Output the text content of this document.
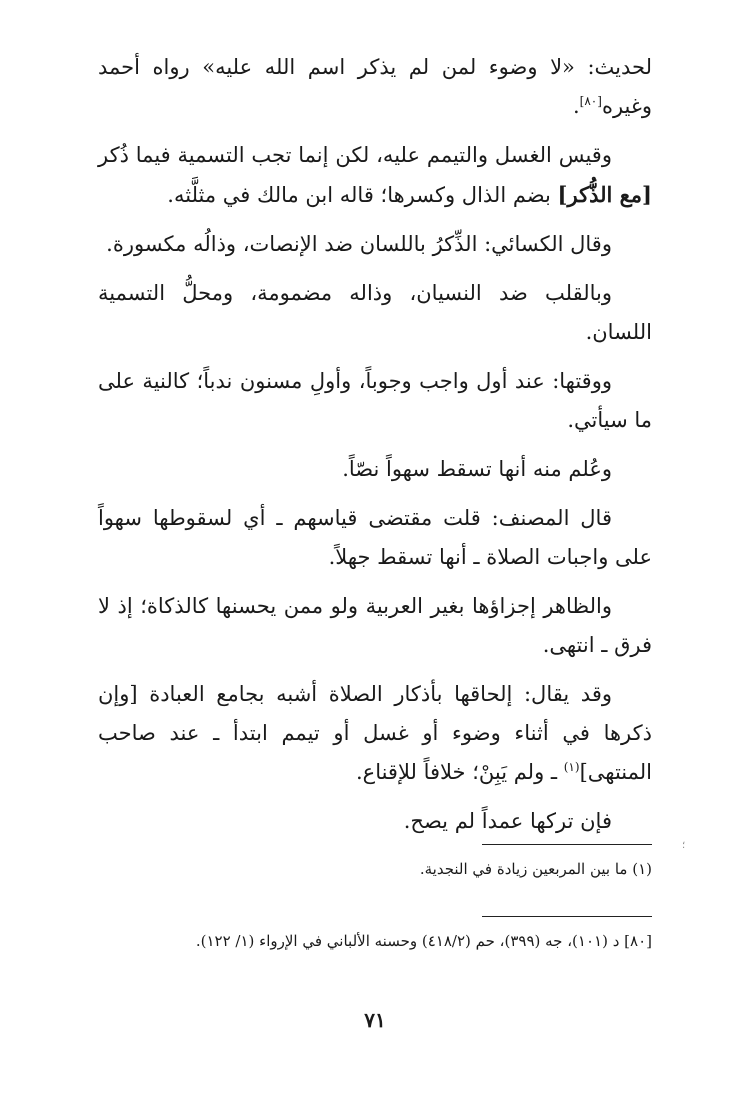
لحديث: «لا وضوء لمن لم يذكر اسم الله عليه» رواه أحمد وغيره[٨٠].

وقيس الغسل والتيمم عليه، لكن إنما تجب التسمية فيما ذُكر [مع الذُّكر] بضم الذال وكسرها؛ قاله ابن مالك في مثلَّثه.

وقال الكسائي: الذِّكرُ باللسان ضد الإنصات، وذالُه مكسورة.

وبالقلب ضد النسيان، وذاله مضمومة، ومحلُّ التسمية اللسان.

ووقتها: عند أول واجب وجوباً، وأولِ مسنون ندباً؛ كالنية على ما سيأتي.

وعُلم منه أنها تسقط سهواً نصّاً.

قال المصنف: قلت مقتضى قياسهم ـ أي لسقوطها سهواً على واجبات الصلاة ـ أنها تسقط جهلاً.

والظاهر إجزاؤها بغير العربية ولو ممن يحسنها كالذكاة؛ إذ لا فرق ـ انتهى.

وقد يقال: إلحاقها بأذكار الصلاة أشبه بجامع العبادة [وإن ذكرها في أثناء وضوء أو غسل أو تيمم ابتدأ ـ عند صاحب المنتهى]$^{(١)}$ ـ ولم يَبِنْ؛ خلافاً للإقناع.

فإن تركها عمداً لم يصح.

(١) ما بين المربعين زيادة في النجدية.
[٨٠] د (١٠١)، جه (٣٩٩)، حم (٤١٨/٢) وحسنه الألباني في الإرواء (١/ ١٢٢).
؛
٧١
